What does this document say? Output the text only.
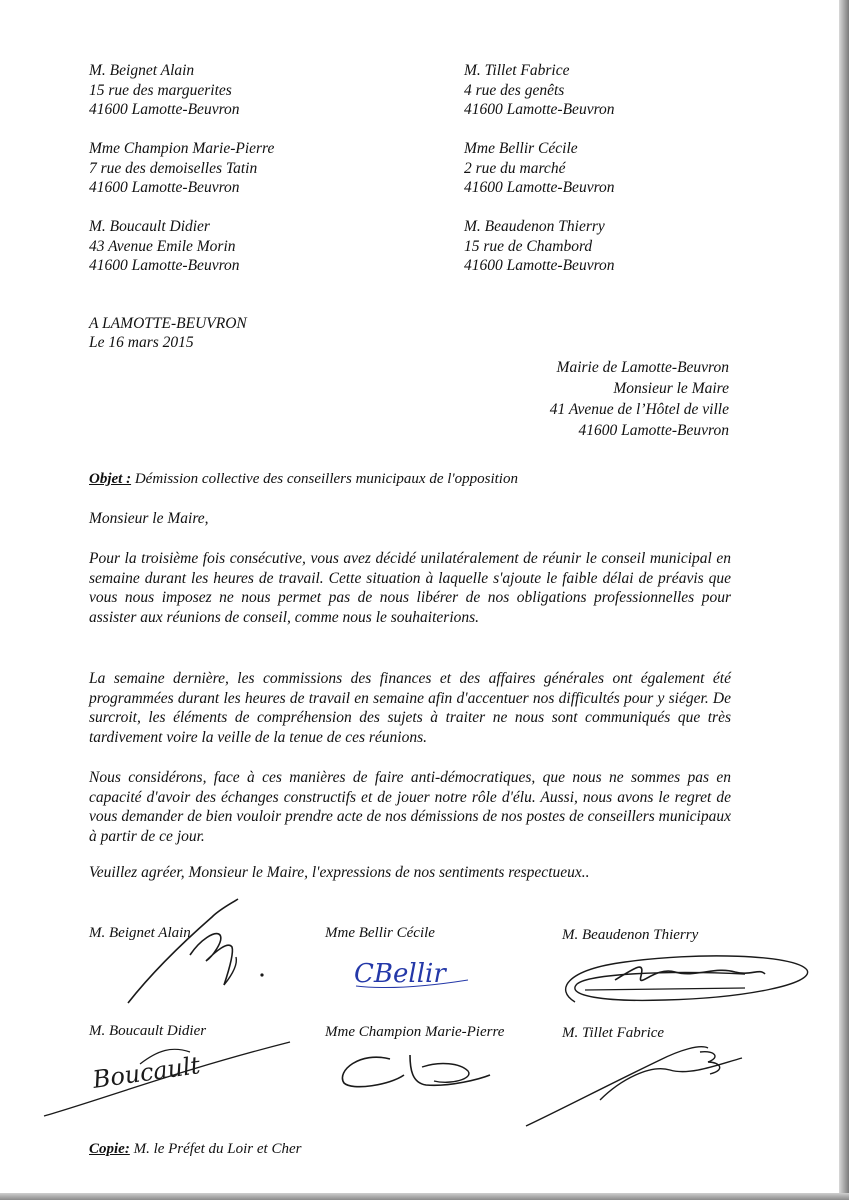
M. Beignet Alain
15 rue des marguerites
41600 Lamotte-Beuvron
Mme Champion Marie-Pierre
7 rue des demoiselles Tatin
41600 Lamotte-Beuvron
M. Boucault Didier
43 Avenue Emile Morin
41600 Lamotte-Beuvron
M. Tillet Fabrice
4 rue des genêts
41600 Lamotte-Beuvron
Mme Bellir Cécile
2 rue du marché
41600 Lamotte-Beuvron
M. Beaudenon Thierry
15 rue de Chambord
41600 Lamotte-Beuvron
A LAMOTTE-BEUVRON
Le 16 mars 2015
Mairie de Lamotte-Beuvron
Monsieur le Maire
41 Avenue de l’Hôtel de ville
41600 Lamotte-Beuvron
Objet : Démission collective des conseillers municipaux de l'opposition
Monsieur le Maire,

Pour la troisième fois consécutive, vous avez décidé unilatéralement de réunir le conseil municipal en semaine durant les heures de travail. Cette situation à laquelle s'ajoute le faible délai de préavis que vous nous imposez ne nous permet pas de nous libérer de nos obligations professionnelles pour assister aux réunions de conseil, comme nous le souhaiterions.

La semaine dernière, les commissions des finances et des affaires générales ont également été programmées durant les heures de travail en semaine afin d'accentuer nos difficultés pour y siéger. De surcroit, les éléments de compréhension des sujets à traiter ne nous sont communiqués que très tardivement voire la veille de la tenue de ces réunions.

Nous considérons, face à ces manières de faire anti-démocratiques, que nous ne sommes pas en capacité d'avoir des échanges constructifs et de jouer notre rôle d'élu. Aussi, nous avons le regret de vous demander de bien vouloir prendre acte de nos démissions de nos postes de conseillers municipaux à partir de ce jour.

Veuillez agréer, Monsieur le Maire, l'expressions de nos sentiments respectueux..
M. Beignet Alain	Mme Bellir Cécile	M. Beaudenon Thierry
M. Boucault Didier	Mme Champion Marie-Pierre	M. Tillet Fabrice
CBellir
Boucault
Copie: M. le Préfet du Loir et Cher
